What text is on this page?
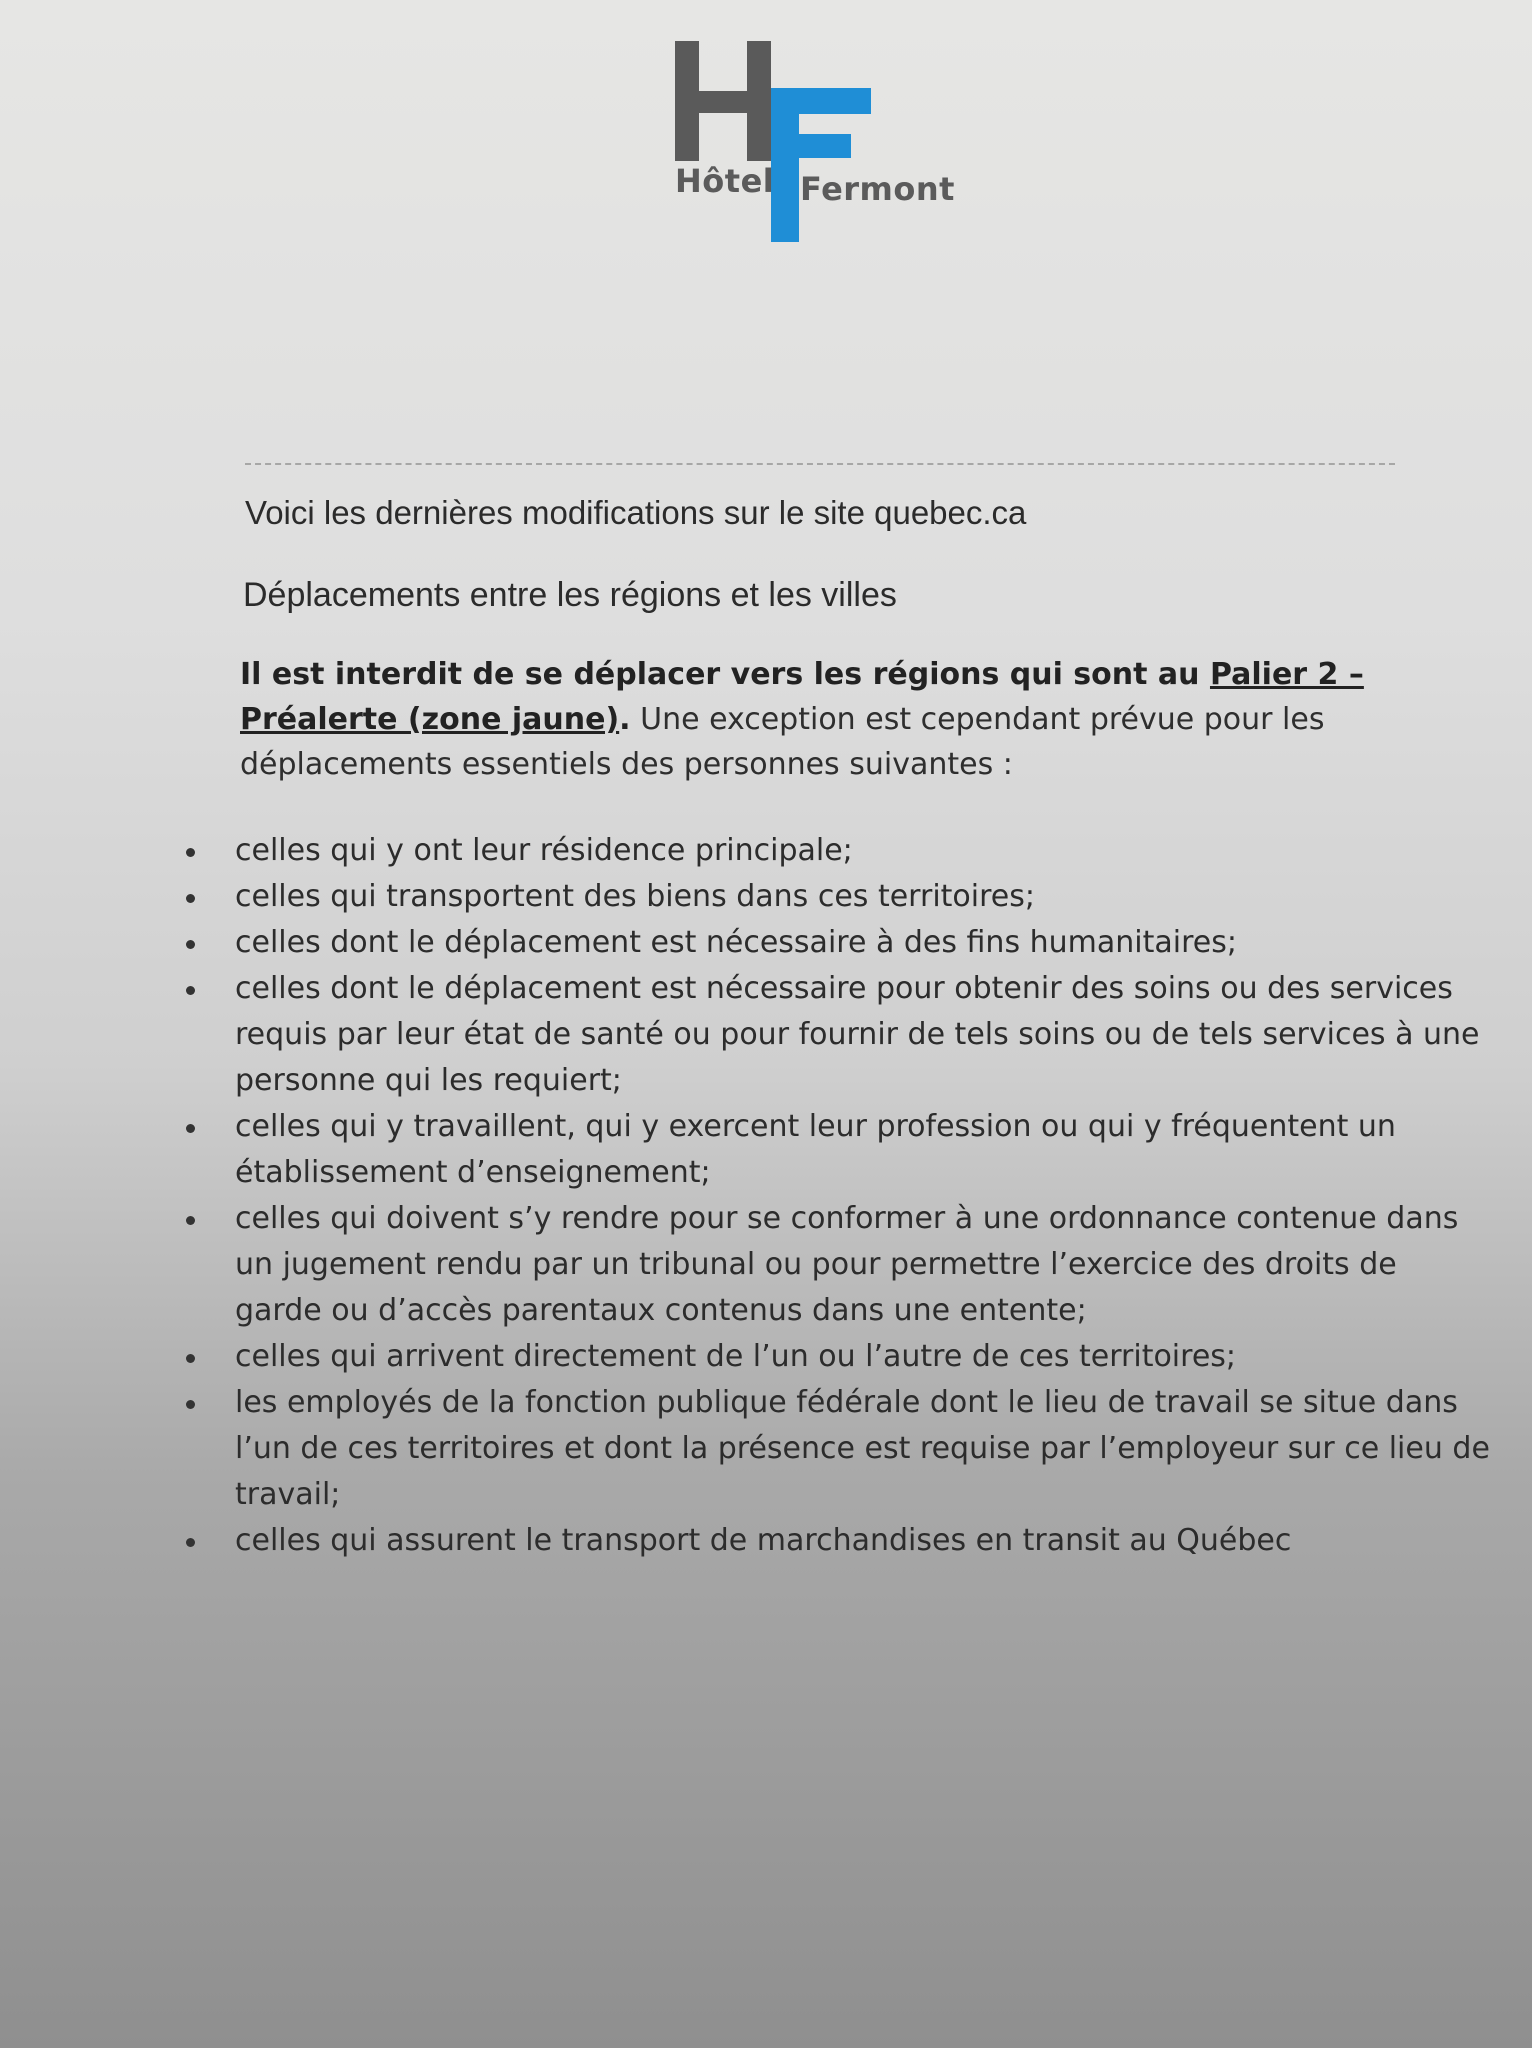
Hôtel Fermont
Voici les dernières modifications sur le site quebec.ca
Déplacements entre les régions et les villes
Il est interdit de se déplacer vers les régions qui sont au Palier 2 – Préalerte (zone jaune). Une exception est cependant prévue pour les déplacements essentiels des personnes suivantes :
celles qui y ont leur résidence principale;
celles qui transportent des biens dans ces territoires;
celles dont le déplacement est nécessaire à des fins humanitaires;
celles dont le déplacement est nécessaire pour obtenir des soins ou des services requis par leur état de santé ou pour fournir de tels soins ou de tels services à une personne qui les requiert;
celles qui y travaillent, qui y exercent leur profession ou qui y fréquentent un établissement d’enseignement;
celles qui doivent s’y rendre pour se conformer à une ordonnance contenue dans un jugement rendu par un tribunal ou pour permettre l’exercice des droits de garde ou d’accès parentaux contenus dans une entente;
celles qui arrivent directement de l’un ou l’autre de ces territoires;
les employés de la fonction publique fédérale dont le lieu de travail se situe dans l’un de ces territoires et dont la présence est requise par l’employeur sur ce lieu de travail;
celles qui assurent le transport de marchandises en transit au Québec
